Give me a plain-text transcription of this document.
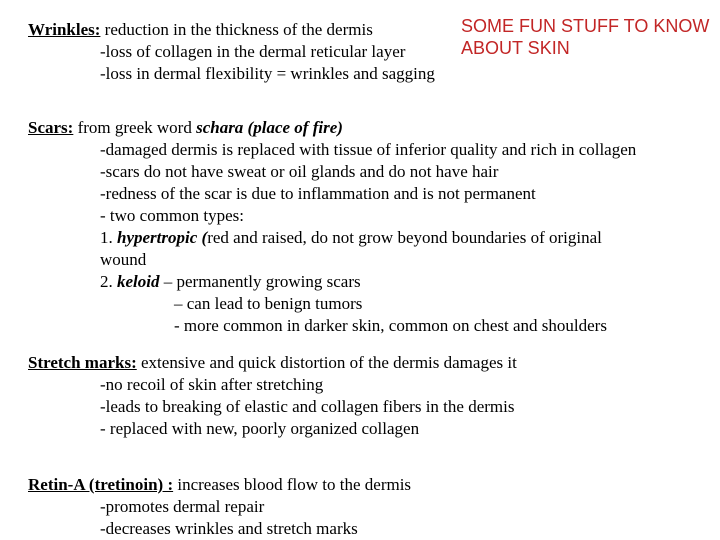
SOME FUN STUFF TO KNOW
ABOUT SKIN
Wrinkles: reduction in the thickness of the dermis
-loss of collagen in the dermal reticular layer
-loss in dermal flexibility = wrinkles and sagging
Scars: from greek word schara (place of fire)
-damaged dermis is replaced with tissue of inferior quality and rich in collagen
-scars do not have sweat or oil glands and do not have hair
-redness of the scar is due to inflammation and is not permanent
- two common types:
1. hypertropic (red and raised, do not grow beyond boundaries of original
wound
2. keloid – permanently growing scars
– can lead to benign tumors
- more common in darker skin, common on chest and shoulders
Stretch marks: extensive and quick distortion of the dermis damages it
-no recoil of skin after stretching
-leads to breaking of elastic and collagen fibers in the dermis
- replaced with new, poorly organized collagen
Retin-A (tretinoin) : increases blood flow to the dermis
-promotes dermal repair
-decreases wrinkles and stretch marks
